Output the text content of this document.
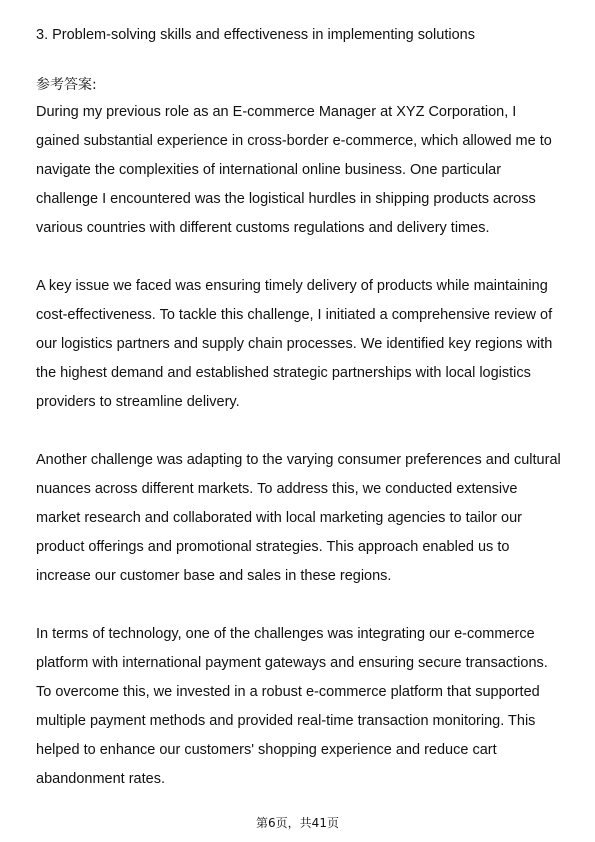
3. Problem-solving skills and effectiveness in implementing solutions

参考答案:

During my previous role as an E-commerce Manager at XYZ Corporation, I
gained substantial experience in cross-border e-commerce, which allowed me to
navigate the complexities of international online business. One particular
challenge I encountered was the logistical hurdles in shipping products across
various countries with different customs regulations and delivery times.

A key issue we faced was ensuring timely delivery of products while maintaining
cost-effectiveness. To tackle this challenge, I initiated a comprehensive review of
our logistics partners and supply chain processes. We identified key regions with
the highest demand and established strategic partnerships with local logistics
providers to streamline delivery.

Another challenge was adapting to the varying consumer preferences and cultural
nuances across different markets. To address this, we conducted extensive
market research and collaborated with local marketing agencies to tailor our
product offerings and promotional strategies. This approach enabled us to
increase our customer base and sales in these regions.

In terms of technology, one of the challenges was integrating our e-commerce
platform with international payment gateways and ensuring secure transactions.
To overcome this, we invested in a robust e-commerce platform that supported
multiple payment methods and provided real-time transaction monitoring. This
helped to enhance our customers' shopping experience and reduce cart
abandonment rates.

第6页，共41页
